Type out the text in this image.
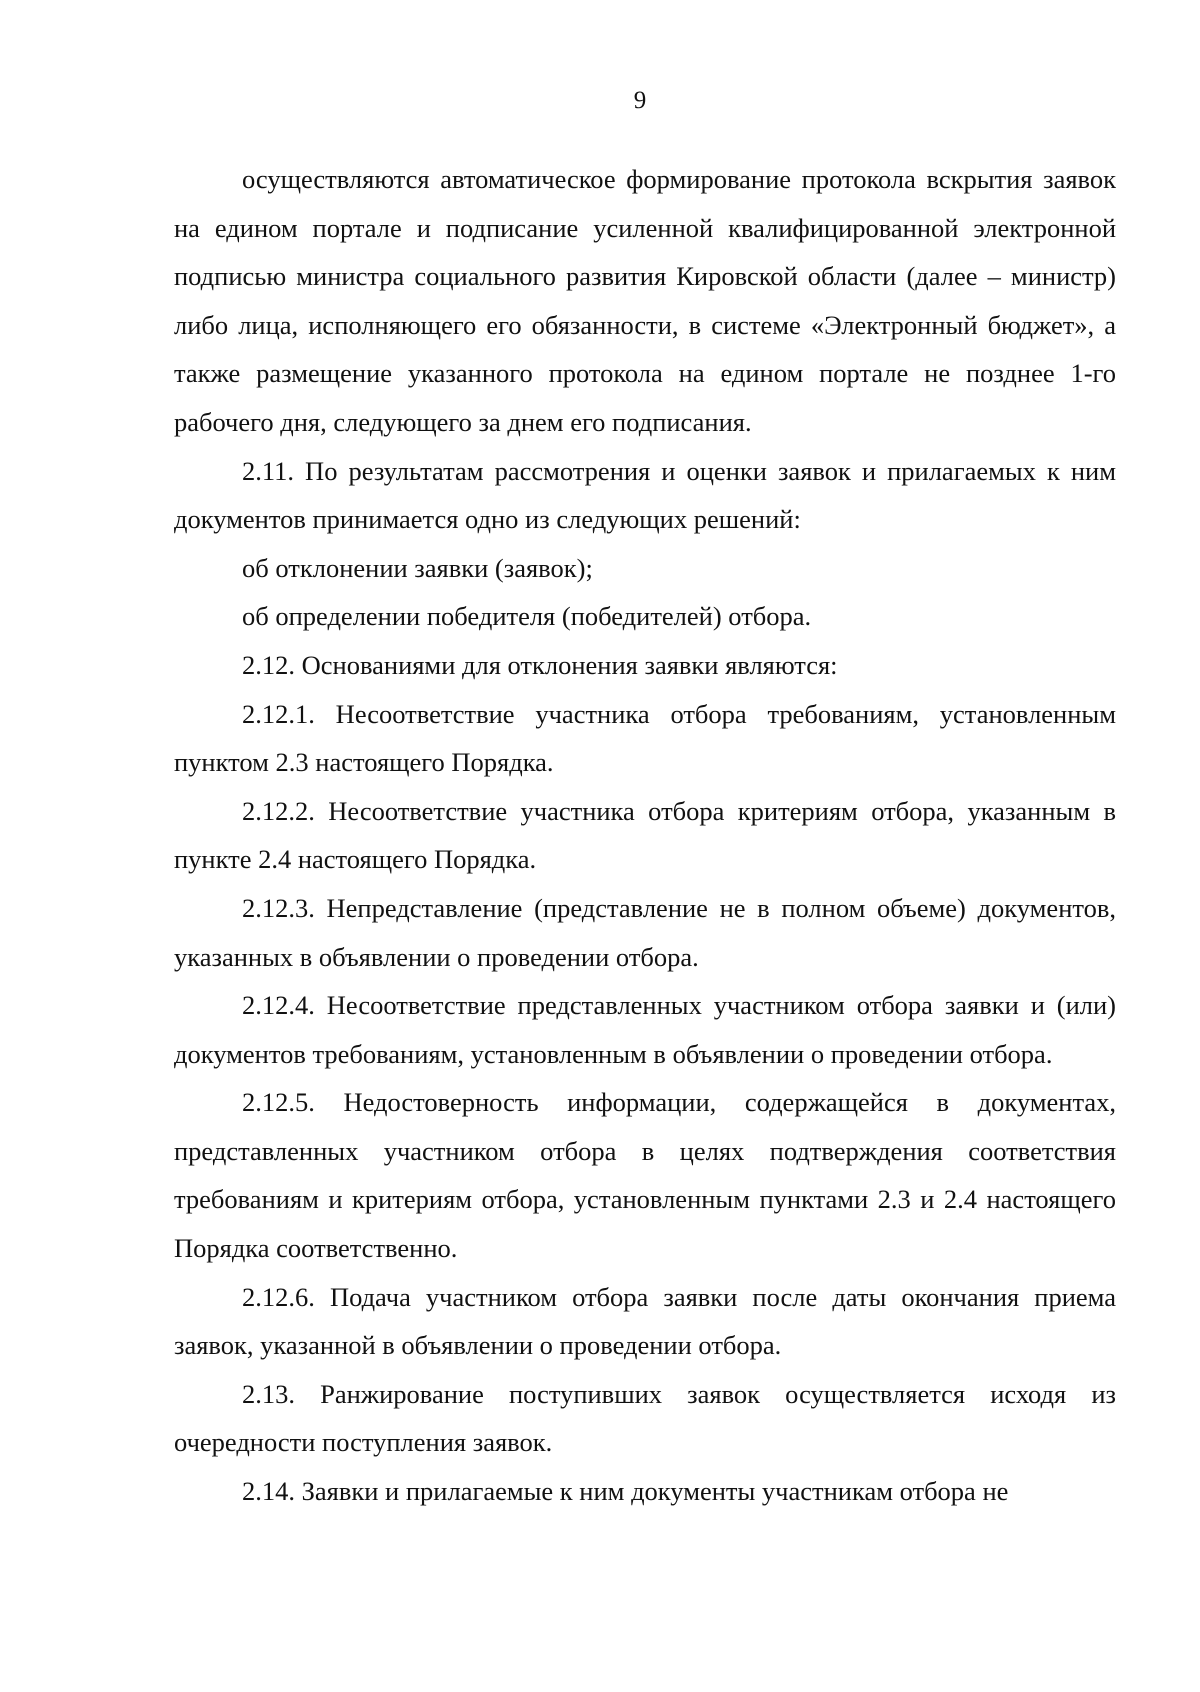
9

осуществляются автоматическое формирование протокола вскрытия заявок на едином портале и подписание усиленной квалифицированной электронной подписью министра социального развития Кировской области (далее – министр) либо лица, исполняющего его обязанности, в системе «Электронный бюджет», а также размещение указанного протокола на едином портале не позднее 1-го рабочего дня, следующего за днем его подписания.

2.11. По результатам рассмотрения и оценки заявок и прилагаемых к ним документов принимается одно из следующих решений:

об отклонении заявки (заявок);

об определении победителя (победителей) отбора.

2.12. Основаниями для отклонения заявки являются:

2.12.1. Несоответствие участника отбора требованиям, установленным пунктом 2.3 настоящего Порядка.

2.12.2. Несоответствие участника отбора критериям отбора, указанным в пункте 2.4 настоящего Порядка.

2.12.3. Непредставление (представление не в полном объеме) документов, указанных в объявлении о проведении отбора.

2.12.4. Несоответствие представленных участником отбора заявки и (или) документов требованиям, установленным в объявлении о проведении отбора.

2.12.5. Недостоверность информации, содержащейся в документах, представленных участником отбора в целях подтверждения соответствия требованиям и критериям отбора, установленным пунктами 2.3 и 2.4 настоящего Порядка соответственно.

2.12.6. Подача участником отбора заявки после даты окончания приема заявок, указанной в объявлении о проведении отбора.

2.13. Ранжирование поступивших заявок осуществляется исходя из очередности поступления заявок.

2.14. Заявки и прилагаемые к ним документы участникам отбора не
